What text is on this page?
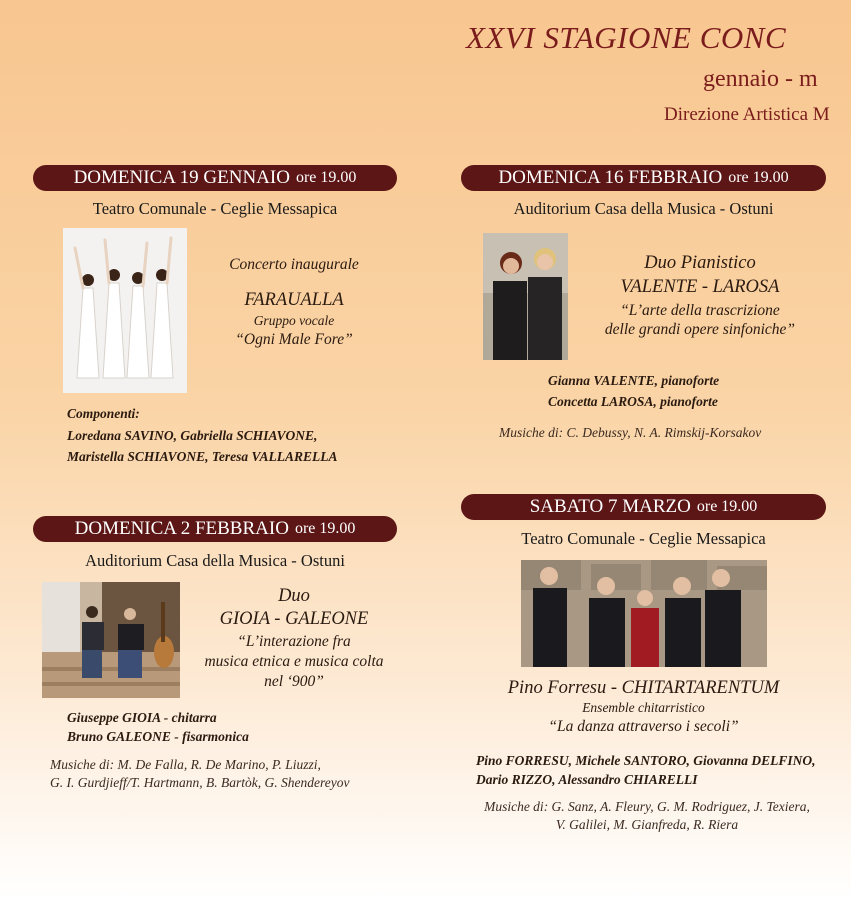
XXVI STAGIONE CONC
gennaio - m
Direzione Artistica M
DOMENICA 19 GENNAIO ore 19.00
Teatro Comunale - Ceglie Messapica
Concerto inaugurale
FARAUALLA
Gruppo vocale
“Ogni Male Fore”
Componenti:
Loredana SAVINO, Gabriella SCHIAVONE,
Maristella SCHIAVONE, Teresa VALLARELLA
DOMENICA 2 FEBBRAIO ore 19.00
Auditorium Casa della Musica - Ostuni
Duo
GIOIA - GALEONE
“L’interazione fra
musica etnica e musica colta
nel ‘900”
Giuseppe GIOIA - chitarra
Bruno GALEONE - fisarmonica
Musiche di: M. De Falla, R. De Marino, P. Liuzzi,
G. I. Gurdjieff/T. Hartmann, B. Bartòk, G. Shendereyov
DOMENICA 16 FEBBRAIO ore 19.00
Auditorium Casa della Musica - Ostuni
Duo Pianistico
VALENTE - LAROSA
“L’arte della trascrizione
delle grandi opere sinfoniche”
Gianna VALENTE, pianoforte
Concetta LAROSA, pianoforte
Musiche di: C. Debussy, N. A. Rimskij-Korsakov
SABATO 7 MARZO ore 19.00
Teatro Comunale - Ceglie Messapica
Pino Forresu - CHITARTARENTUM
Ensemble chitarristico
“La danza attraverso i secoli”
Pino FORRESU, Michele SANTORO, Giovanna DELFINO,
Dario RIZZO, Alessandro CHIARELLI
Musiche di: G. Sanz, A. Fleury, G. M. Rodriguez, J. Texiera,
V. Galilei, M. Gianfreda, R. Riera
